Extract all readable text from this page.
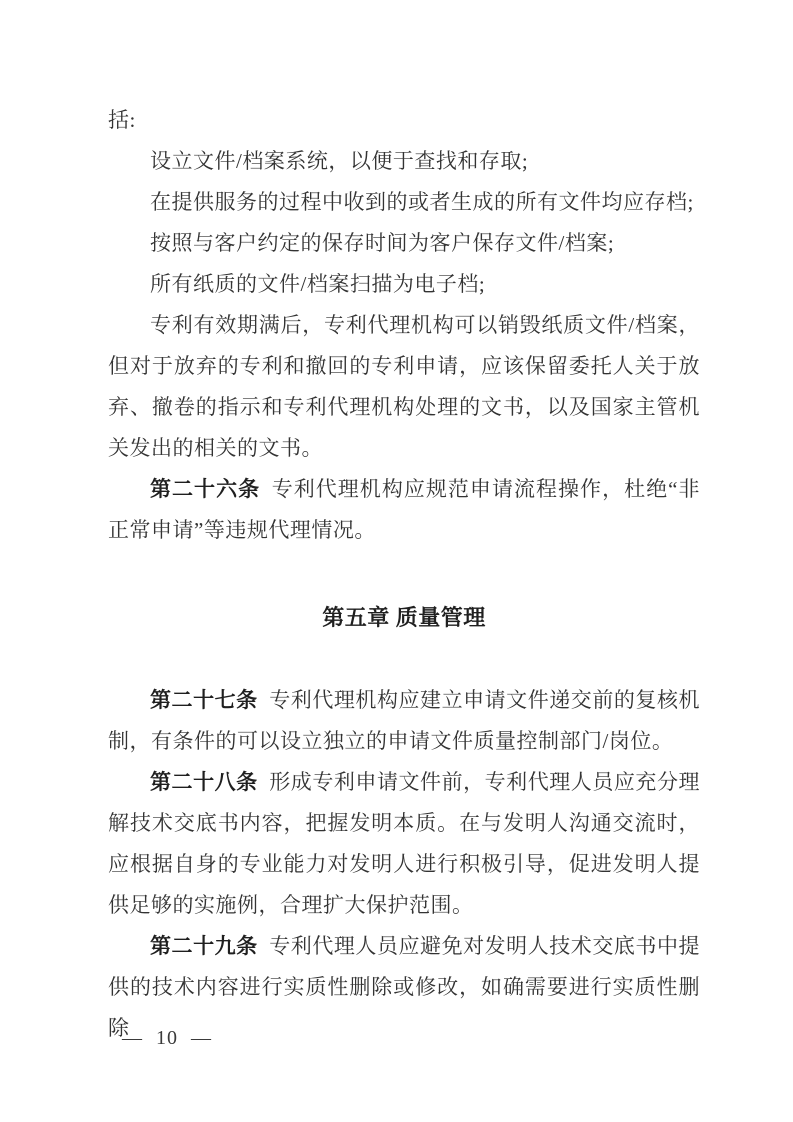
括:

设立文件/档案系统，以便于查找和存取;

在提供服务的过程中收到的或者生成的所有文件均应存档;

按照与客户约定的保存时间为客户保存文件/档案;

所有纸质的文件/档案扫描为电子档;

专利有效期满后，专利代理机构可以销毁纸质文件/档案，但对于放弃的专利和撤回的专利申请，应该保留委托人关于放弃、撤卷的指示和专利代理机构处理的文书，以及国家主管机关发出的相关的文书。

第二十六条 专利代理机构应规范申请流程操作，杜绝“非正常申请”等违规代理情况。

第五章 质量管理

第二十七条 专利代理机构应建立申请文件递交前的复核机制，有条件的可以设立独立的申请文件质量控制部门/岗位。

第二十八条 形成专利申请文件前，专利代理人员应充分理解技术交底书内容，把握发明本质。在与发明人沟通交流时，应根据自身的专业能力对发明人进行积极引导，促进发明人提供足够的实施例，合理扩大保护范围。

第二十九条 专利代理人员应避免对发明人技术交底书中提供的技术内容进行实质性删除或修改，如确需要进行实质性删除

— 10 —
